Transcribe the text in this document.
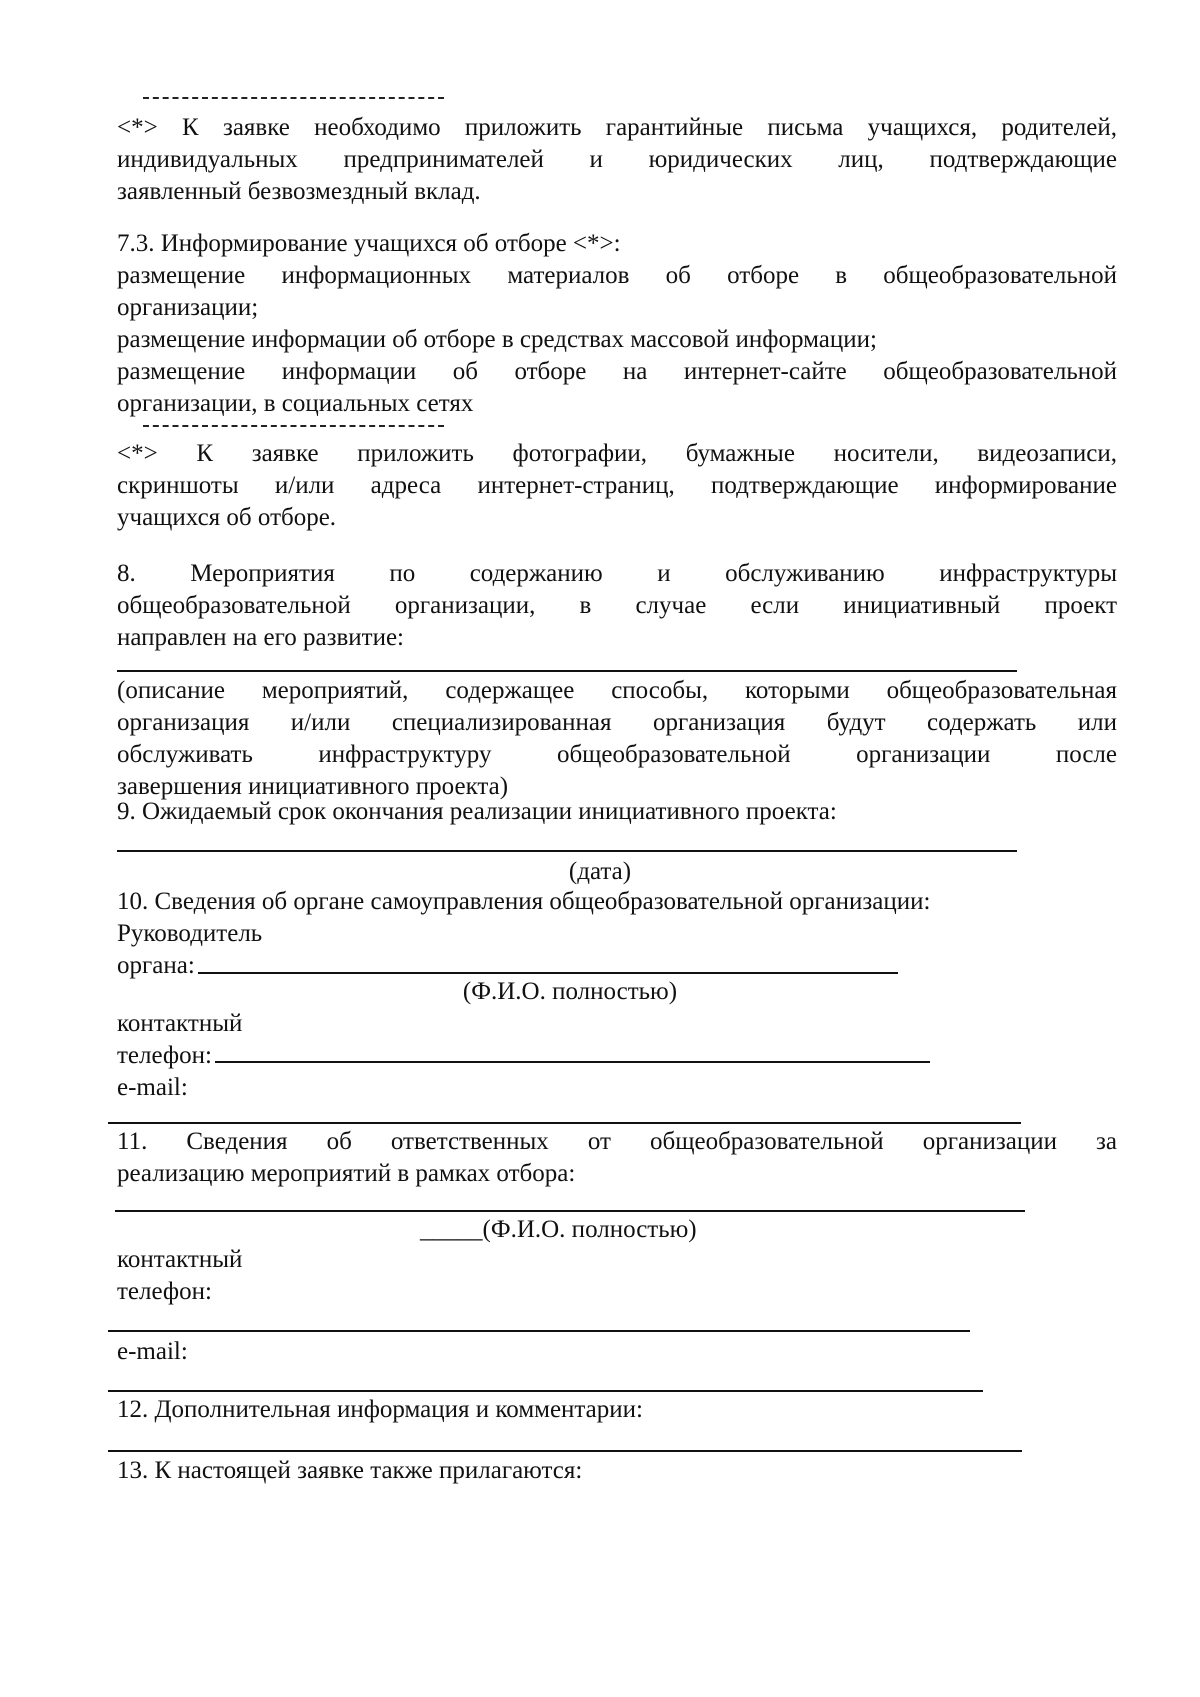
<*> К заявке необходимо приложить гарантийные письма учащихся, родителей,
индивидуальных предпринимателей и юридических лиц, подтверждающие
заявленный безвозмездный вклад.
7.3. Информирование учащихся об отборе <*>:
размещение информационных материалов об отборе в общеобразовательной
организации;
размещение информации об отборе в средствах массовой информации;
размещение информации об отборе на интернет-сайте общеобразовательной
организации, в социальных сетях
<*> К заявке приложить фотографии, бумажные носители, видеозаписи,
скриншоты и/или адреса интернет-страниц, подтверждающие информирование
учащихся об отборе.
8. Мероприятия по содержанию и обслуживанию инфраструктуры
общеобразовательной организации, в случае если инициативный проект
направлен на его развитие:
(описание мероприятий, содержащее способы, которыми общеобразовательная
организация и/или специализированная организация будут содержать или
обслуживать инфраструктуру общеобразовательной организации после
завершения инициативного проекта)
9. Ожидаемый срок окончания реализации инициативного проекта:

(дата)

10. Сведения об органе самоуправления общеобразовательной организации:
Руководитель
органа:

(Ф.И.О. полностью)

контактный
телефон:
e-mail:
11. Сведения об ответственных от общеобразовательной организации за
реализацию мероприятий в рамках отбора:

_____(Ф.И.О. полностью)

контактный
телефон:
e-mail:
12. Дополнительная информация и комментарии:
13. К настоящей заявке также прилагаются:
